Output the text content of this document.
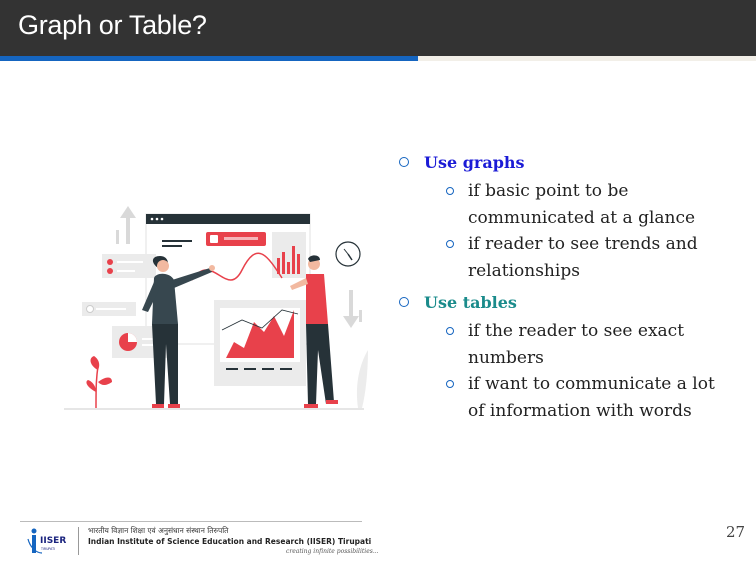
Graph or Table?
Use graphs
if basic point to be communicated at a glance
if reader to see trends and relationships
Use tables
if the reader to see exact numbers
if want to communicate a lot of information with words
IISER
TIRUPATI
भारतीय विज्ञान शिक्षा एवं अनुसंधान संस्थान तिरुपति
Indian Institute of Science Education and Research (IISER) Tirupati
creating infinite possibilities...
27
